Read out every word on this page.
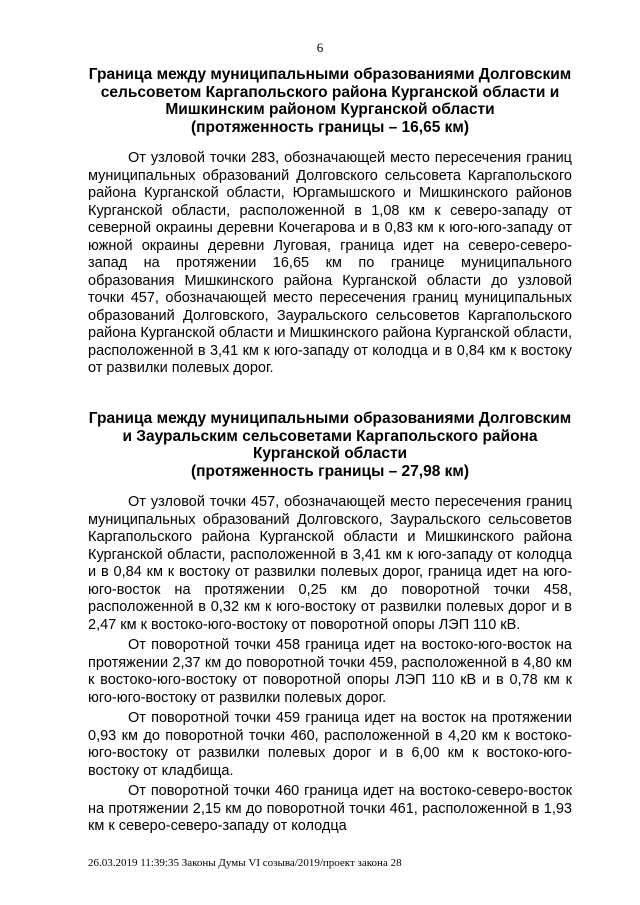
6
Граница между муниципальными образованиями Долговским
сельсоветом Каргапольского района Курганской области и
Мишкинским районом Курганской области
(протяженность границы – 16,65 км)

От узловой точки 283, обозначающей место пересечения границ муниципальных образований Долговского сельсовета Каргапольского района Курганской области, Юргамышского и Мишкинского районов Курганской области, расположенной в 1,08 км к северо-западу от северной окраины деревни Кочегарова и в 0,83 км к юго-юго-западу от южной окраины деревни Луговая, граница идет на северо-северо-запад на протяжении 16,65 км по границе муниципального образования Мишкинского района Курганской области до узловой точки 457, обозначающей место пересечения границ муниципальных образований Долговского, Зауральского сельсоветов Каргапольского района Курганской области и Мишкинского района Курганской области, расположенной в 3,41 км к юго-западу от колодца и в 0,84 км к востоку от развилки полевых дорог.

Граница между муниципальными образованиями Долговским
и Зауральским сельсоветами Каргапольского района
Курганской области
(протяженность границы – 27,98 км)

От узловой точки 457, обозначающей место пересечения границ муниципальных образований Долговского, Зауральского сельсоветов Каргапольского района Курганской области и Мишкинского района Курганской области, расположенной в 3,41 км к юго-западу от колодца и в 0,84 км к востоку от развилки полевых дорог, граница идет на юго-юго-восток на протяжении 0,25 км до поворотной точки 458, расположенной в 0,32 км к юго-востоку от развилки полевых дорог и в 2,47 км к востоко-юго-востоку от поворотной опоры ЛЭП 110 кВ.

От поворотной точки 458 граница идет на востоко-юго-восток на протяжении 2,37 км до поворотной точки 459, расположенной в 4,80 км к востоко-юго-востоку от поворотной опоры ЛЭП 110 кВ и в 0,78 км к юго-юго-востоку от развилки полевых дорог.

От поворотной точки 459 граница идет на восток на протяжении 0,93 км до поворотной точки 460, расположенной в 4,20 км к востоко-юго-востоку от развилки полевых дорог и в 6,00 км к востоко-юго-востоку от кладбища.

От поворотной точки 460 граница идет на востоко-северо-восток на протяжении 2,15 км до поворотной точки 461, расположенной в 1,93 км к северо-северо-западу от колодца

26.03.2019 11:39:35 Законы Думы VI созыва/2019/проект закона 28
